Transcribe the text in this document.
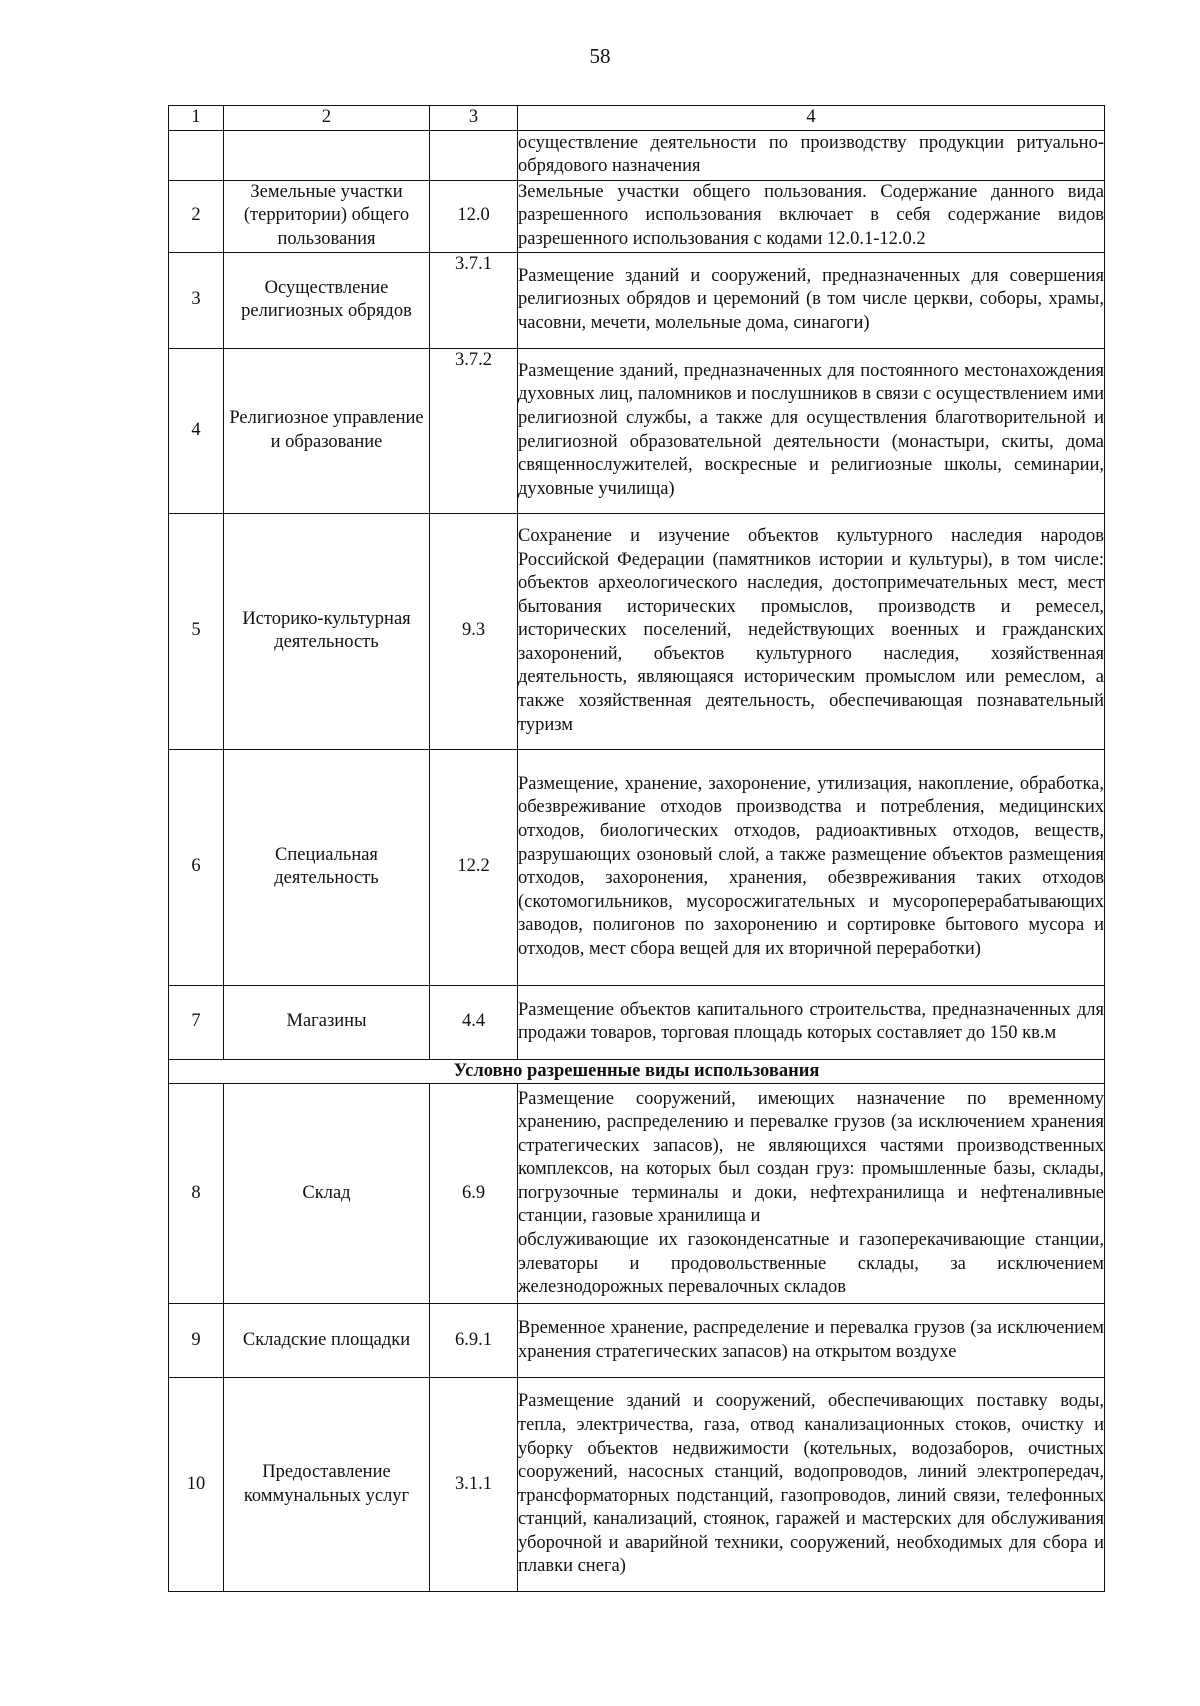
58
1	2	3	4
			осуществление деятельности по производству продукции ритуально-обрядового назначения
2	Земельные участки (территории) общего пользования	12.0	Земельные участки общего пользования. Содержание данного вида разрешенного использования включает в себя содержание видов разрешенного использования с кодами 12.0.1-12.0.2
3	Осуществление религиозных обрядов	3.7.1	Размещение зданий и сооружений, предназначенных для совершения религиозных обрядов и церемоний (в том числе церкви, соборы, храмы, часовни, мечети, молельные дома, синагоги)
4	Религиозное управление и образование	3.7.2	Размещение зданий, предназначенных для постоянного местонахождения духовных лиц, паломников и послушников в связи с осуществлением ими религиозной службы, а также для осуществления благотворительной и религиозной образовательной деятельности (монастыри, скиты, дома священнослужителей, воскресные и религиозные школы, семинарии, духовные училища)
5	Историко-культурная деятельность	9.3	Сохранение и изучение объектов культурного наследия народов Российской Федерации (памятников истории и культуры), в том числе: объектов археологического наследия, достопримечательных мест, мест бытования исторических промыслов, производств и ремесел, исторических поселений, недействующих военных и гражданских захоронений, объектов культурного наследия, хозяйственная деятельность, являющаяся историческим промыслом или ремеслом, а также хозяйственная деятельность, обеспечивающая познавательный туризм
6	Специальная деятельность	12.2	Размещение, хранение, захоронение, утилизация, накопление, обработка, обезвреживание отходов производства и потребления, медицинских отходов, биологических отходов, радиоактивных отходов, веществ, разрушающих озоновый слой, а также размещение объектов размещения отходов, захоронения, хранения, обезвреживания таких отходов (скотомогильников, мусоросжигательных и мусороперерабатывающих заводов, полигонов по захоронению и сортировке бытового мусора и отходов, мест сбора вещей для их вторичной переработки)
7	Магазины	4.4	Размещение объектов капитального строительства, предназначенных для продажи товаров, торговая площадь которых составляет до 150 кв.м
Условно разрешенные виды использования			
8	Склад	6.9	Размещение сооружений, имеющих назначение по временному хранению, распределению и перевалке грузов (за исключением хранения стратегических запасов), не являющихся частями производственных комплексов, на которых был создан груз: промышленные базы, склады, погрузочные терминалы и доки, нефтехранилища и нефтеналивные станции, газовые хранилища и
обслуживающие их газоконденсатные и газоперекачивающие станции, элеваторы и продовольственные склады, за исключением железнодорожных перевалочных складов

9	Складские площадки	6.9.1	Временное хранение, распределение и перевалка грузов (за исключением хранения стратегических запасов) на открытом воздухе
10	Предоставление коммунальных услуг	3.1.1	Размещение зданий и сооружений, обеспечивающих поставку воды, тепла, электричества, газа, отвод канализационных стоков, очистку и уборку объектов недвижимости (котельных, водозаборов, очистных сооружений, насосных станций, водопроводов, линий электропередач, трансформаторных подстанций, газопроводов, линий связи, телефонных станций, канализаций, стоянок, гаражей и мастерских для обслуживания уборочной и аварийной техники, сооружений, необходимых для сбора и плавки снега)
